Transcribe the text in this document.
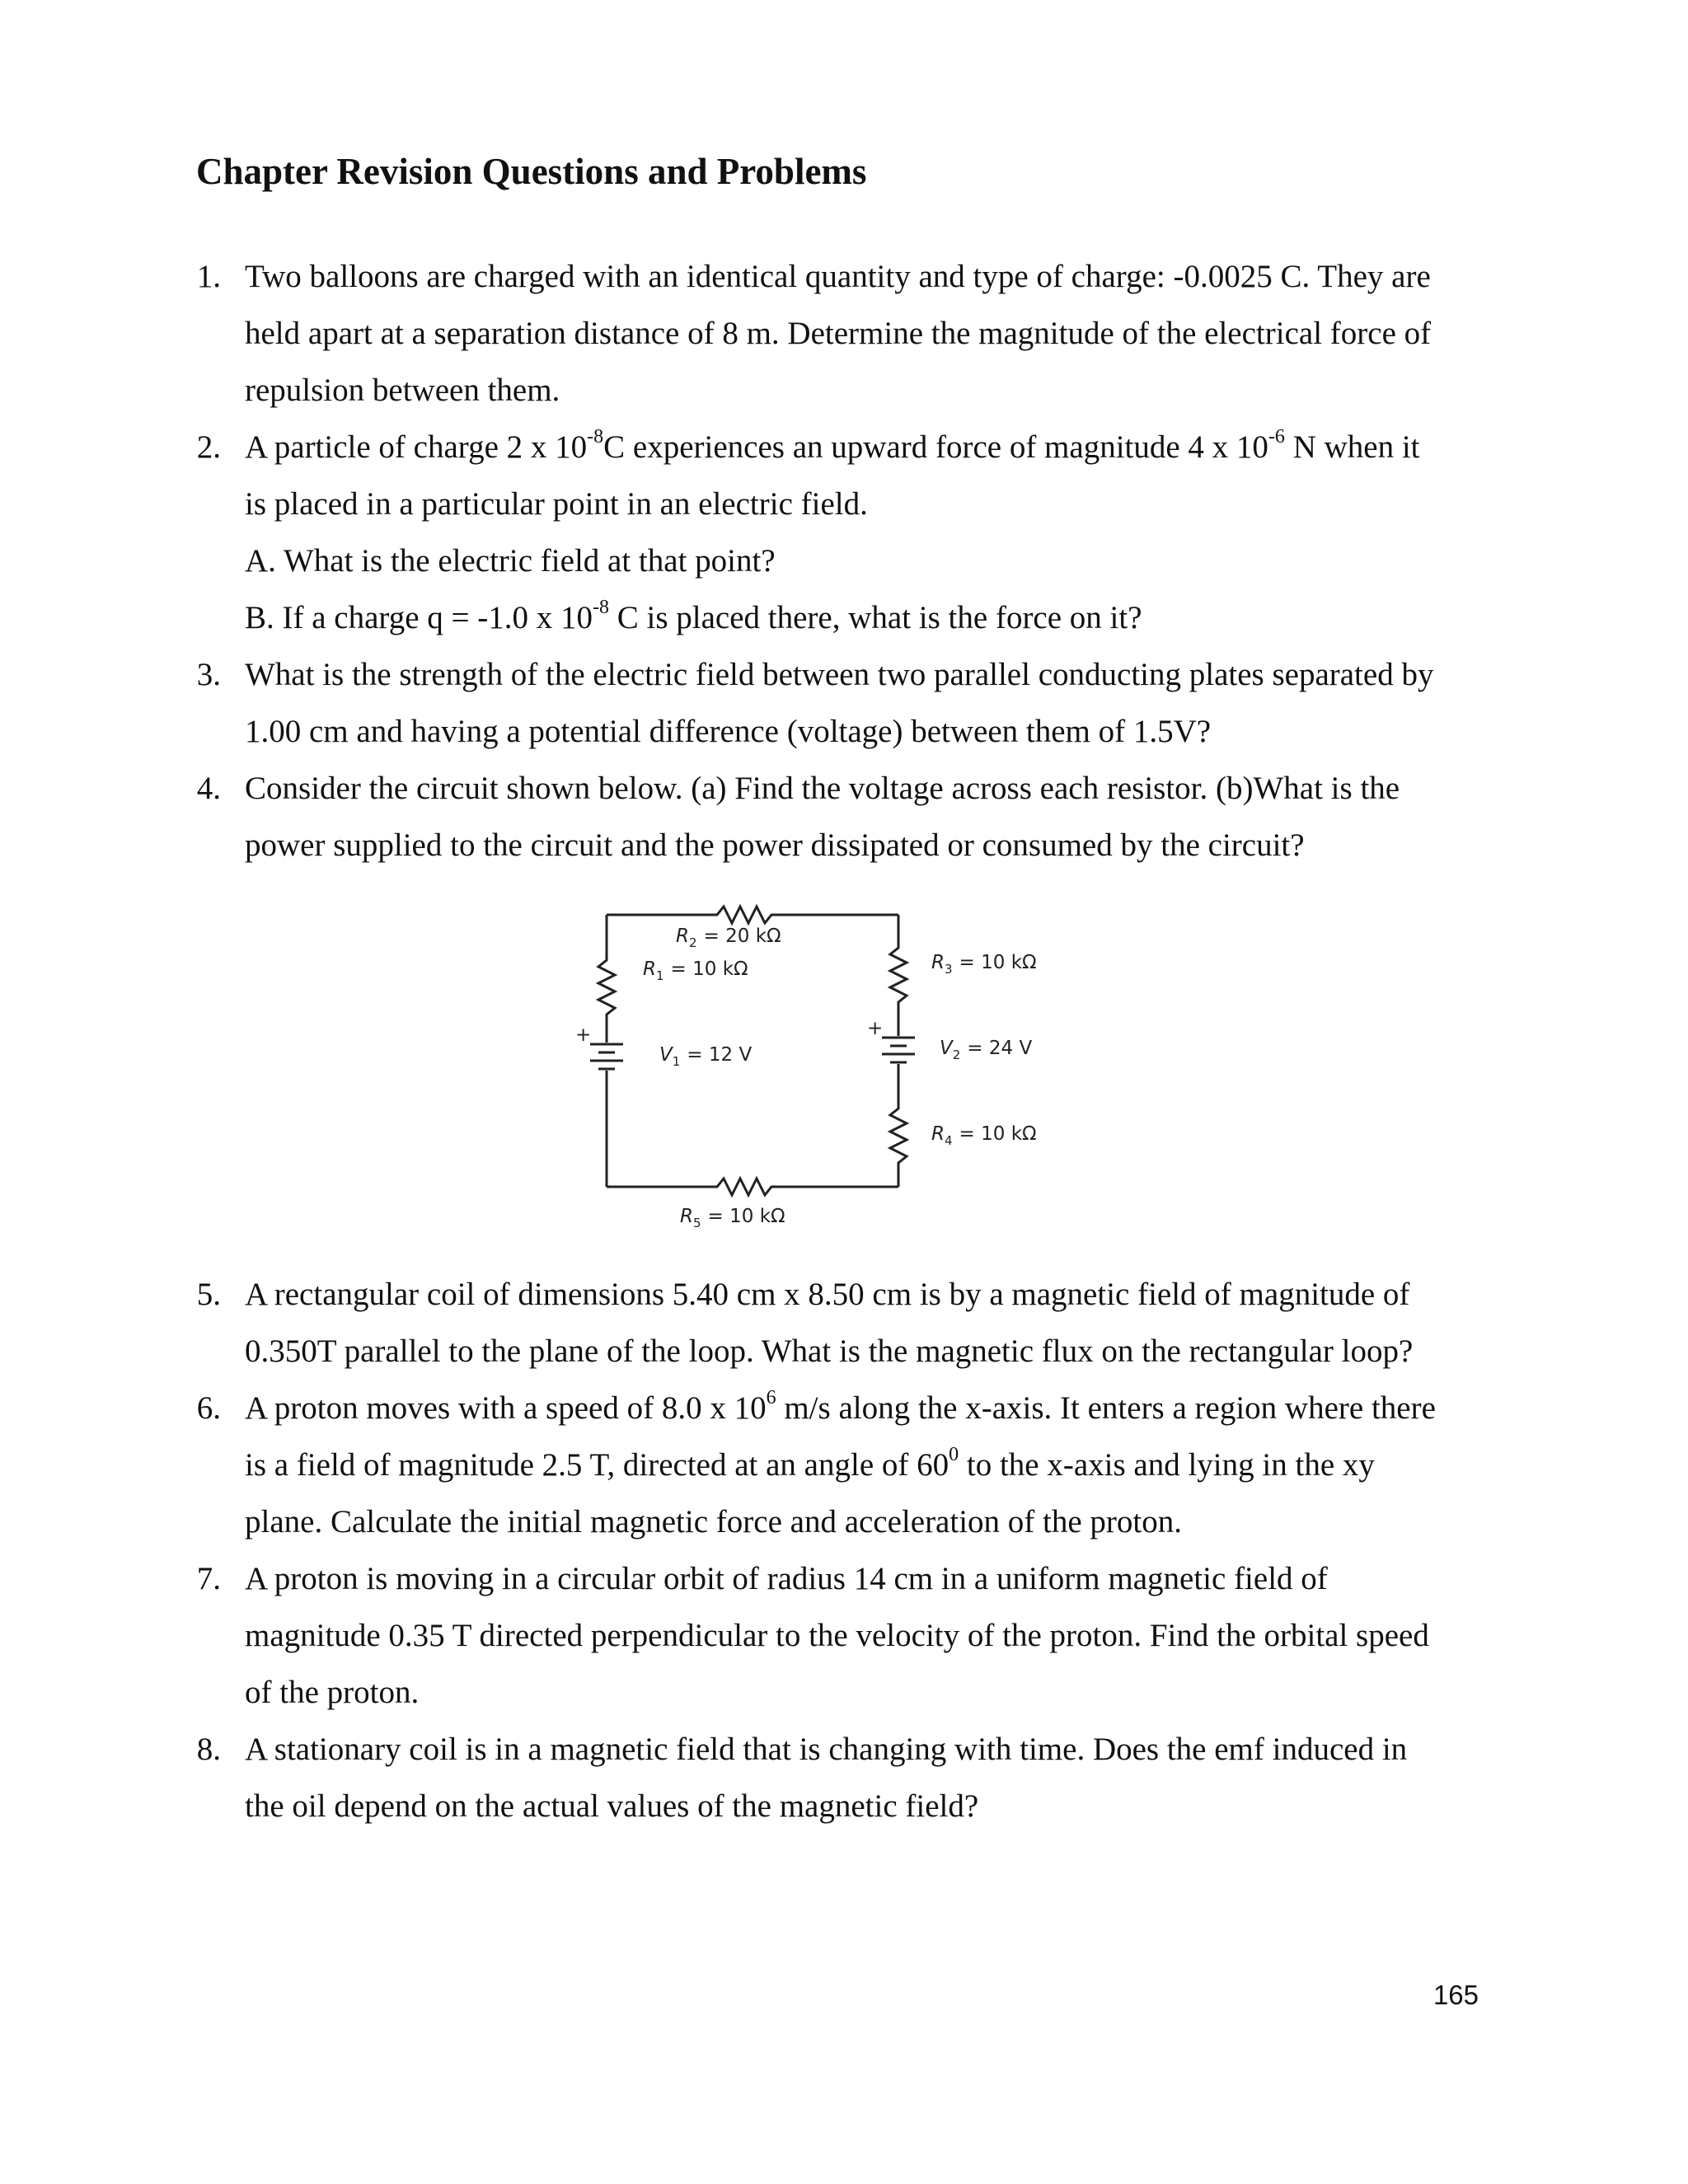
Chapter Revision Questions and Problems
1. Two balloons are charged with an identical quantity and type of charge: -0.0025 C. They are
held apart at a separation distance of 8 m. Determine the magnitude of the electrical force of
repulsion between them.
2. A particle of charge 2 x $10^{-8}C$ experiences an upward force of magnitude 4 x $10^{-6}$ N when it
is placed in a particular point in an electric field.
A. What is the electric field at that point?
B. If a charge q = -1.0 x $10^{-8}$ C is placed there, what is the force on it?
3. What is the strength of the electric field between two parallel conducting plates separated by
1.00 cm and having a potential difference (voltage) between them of 1.5V?
4. Consider the circuit shown below. (a) Find the voltage across each resistor. (b)What is the
power supplied to the circuit and the power dissipated or consumed by the circuit?
+	+
$R_2 = 20$ kΩ
$R_1 = 10$ kΩ	$R_3 = 10$ kΩ
$V_1 = 12$ V	$V_2 = 24$ V
$R_4 = 10$ kΩ
$R_5 = 10$ kΩ
5. A rectangular coil of dimensions 5.40 cm x 8.50 cm is by a magnetic field of magnitude of
0.350T parallel to the plane of the loop. What is the magnetic flux on the rectangular loop?
6. A proton moves with a speed of 8.0 x $10^6$ m/s along the x-axis. It enters a region where there
is a field of magnitude 2.5 T, directed at an angle of $60^0$ to the x-axis and lying in the xy
plane. Calculate the initial magnetic force and acceleration of the proton.
7. A proton is moving in a circular orbit of radius 14 cm in a uniform magnetic field of
magnitude 0.35 T directed perpendicular to the velocity of the proton. Find the orbital speed
of the proton.
8. A stationary coil is in a magnetic field that is changing with time. Does the emf induced in
the oil depend on the actual values of the magnetic field?
165
